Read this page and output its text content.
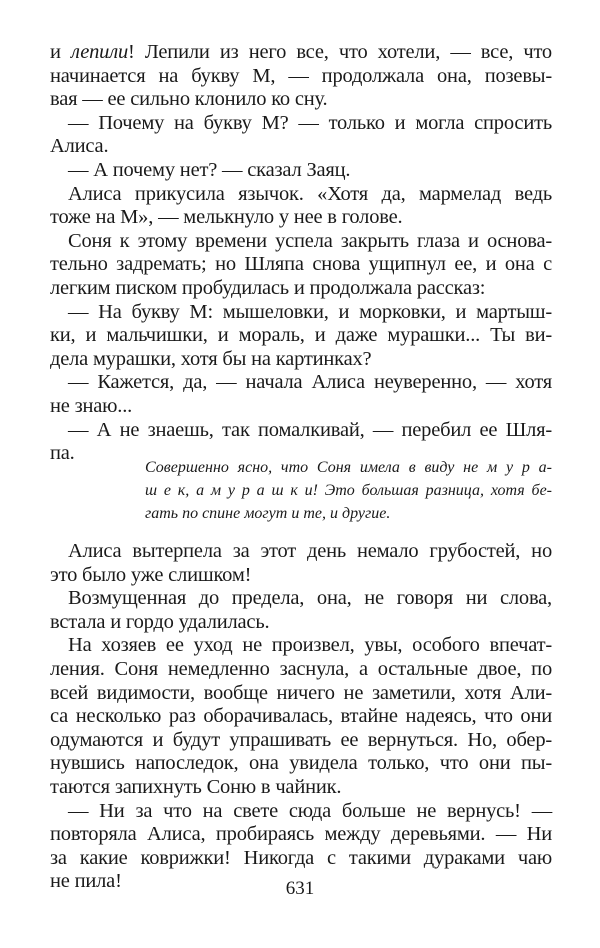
и лепили! Лепили из него все, что хотели, — все, что
начинается на букву М, — продолжала она, позевы-
вая — ее сильно клонило ко сну.
— Почему на букву М? — только и могла спросить
Алиса.
— А почему нет? — сказал Заяц.
Алиса прикусила язычок. «Хотя да, мармелад ведь
тоже на М», — мелькнуло у нее в голове.
Соня к этому времени успела закрыть глаза и основа-
тельно задремать; но Шляпа снова ущипнул ее, и она с
легким писком пробудилась и продолжала рассказ:
— На букву М: мышеловки, и морковки, и мартыш-
ки, и мальчишки, и мораль, и даже мурашки... Ты ви-
дела мурашки, хотя бы на картинках?
— Кажется, да, — начала Алиса неуверенно, — хотя
не знаю...
— А не знаешь, так помалкивай, — перебил ее Шля-
па.
Совершенно ясно, что Соня имела в виду не м у р а-
ш е к, а м у р а ш к и! Это большая разница, хотя бе-
гать по спине могут и те, и другие.
Алиса вытерпела за этот день немало грубостей, но
это было уже слишком!
Возмущенная до предела, она, не говоря ни слова,
встала и гордо удалилась.
На хозяев ее уход не произвел, увы, особого впечат-
ления. Соня немедленно заснула, а остальные двое, по
всей видимости, вообще ничего не заметили, хотя Али-
са несколько раз оборачивалась, втайне надеясь, что они
одумаются и будут упрашивать ее вернуться. Но, обер-
нувшись напоследок, она увидела только, что они пы-
таются запихнуть Соню в чайник.
— Ни за что на свете сюда больше не вернусь! —
повторяла Алиса, пробираясь между деревьями. — Ни
за какие коврижки! Никогда с такими дураками чаю
не пила!	631
